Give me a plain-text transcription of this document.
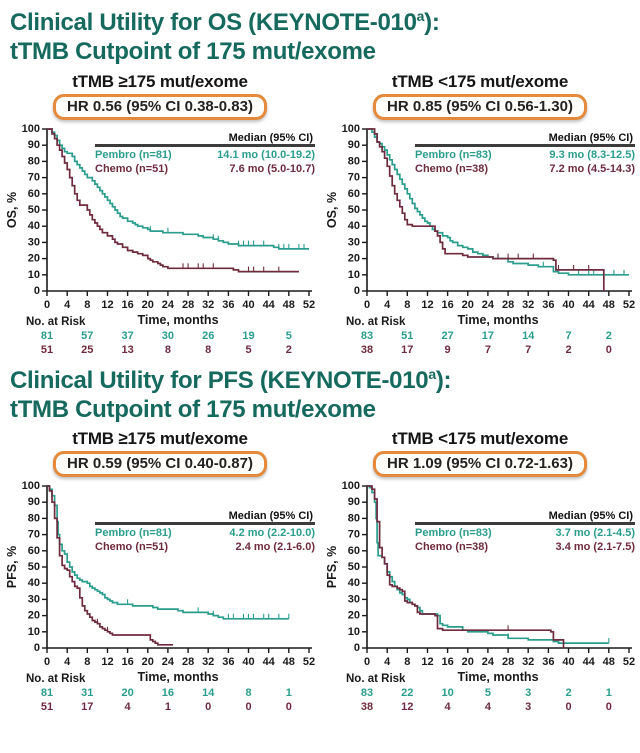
Clinical Utility for OS (KEYNOTE-010$^a$):
tTMB Cutpoint of 175 mut/exome
tTMB ≥175 mut/exome
HR 0.56 (95% CI 0.38-0.83)
0
10
20
30
40
50
60
70
80
90
100
0 4 8 12 16 20 24 28 32 36 40 44 48 52
OS, %
Median (95% CI)
Pembro (n=81)	14.1 mo (10.0-19.2)
Chemo (n=51)	7.6 mo (5.0-10.7)
No. at Risk	Time, months
81	57	37	30	26	19	5
51	25	13	8	8	5	2
tTMB <175 mut/exome
HR 0.85 (95% CI 0.56-1.30)
0
10
20
30
40
50
60
70
80
90
100
0 4 8 12 16 20 24 28 32 36 40 44 48 52
OS, %
Median (95% CI)
Pembro (n=83)	9.3 mo (8.3-12.5)
Chemo (n=38)	7.2 mo (4.5-14.3)
No. at Risk	Time, months
83	51	27	17	14	7	2
38	17	9	7	7	2	0
Clinical Utility for PFS (KEYNOTE-010$^a$):
tTMB Cutpoint of 175 mut/exome
tTMB ≥175 mut/exome
HR 0.59 (95% CI 0.40-0.87)
0
10
20
30
40
50
60
70
80
90
100
0 4 8 12 16 20 24 28 32 36 40 44 48 52
PFS, %
Median (95% CI)
Pembro (n=81)	4.2 mo (2.2-10.0)
Chemo (n=51)	2.4 mo (2.1-6.0)
No. at Risk	Time, months
81	31	20	16	14	8	1
51	17	4	1	0	0	0
tTMB <175 mut/exome
HR 1.09 (95% CI 0.72-1.63)
0
10
20
30
40
50
60
70
80
90
100
0 4 8 12 16 20 24 28 32 36 40 44 48 52
PFS, %
Median (95% CI)
Pembro (n=83)	3.7 mo (2.1-4.5)
Chemo (n=38)	3.4 mo (2.1-7.5)
No. at Risk	Time, months
83	22	10	5	3	2	1
38	12	4	4	3	0	0
